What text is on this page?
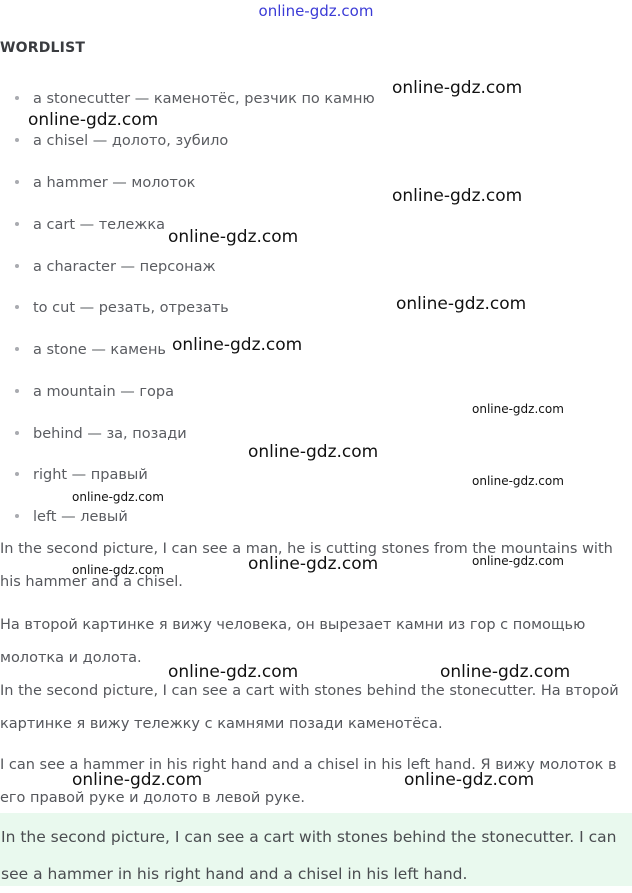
online-gdz.com
WORDLIST
a stonecutter — каменотёс, резчик по камню
a chisel — долото, зубило
a hammer — молоток
a cart — тележка
a character — персонаж
to cut — резать, отрезать
a stone — камень
a mountain — гора
behind — за, позади
right — правый
left — левый

In the second picture, I can see a man, he is cutting stones from the mountains with his hammer and a chisel.

На второй картинке я вижу человека, он вырезает камни из гор с помощью молотка и долота.

In the second picture, I can see a cart with stones behind the stonecutter. На второй картинке я вижу тележку с камнями позади каменотёса.

I can see a hammer in his right hand and a chisel in his left hand. Я вижу молоток в его правой руке и долото в левой руке.

In the second picture, I can see a cart with stones behind the stonecutter. I can see a hammer in his right hand and a chisel in his left hand.

online-gdz.com
online-gdz.com
online-gdz.com
online-gdz.com
online-gdz.com
online-gdz.com
online-gdz.com
online-gdz.com
online-gdz.com
online-gdz.com
online-gdz.com
online-gdz.com
online-gdz.com
online-gdz.com	online-gdz.com
online-gdz.com	online-gdz.com
